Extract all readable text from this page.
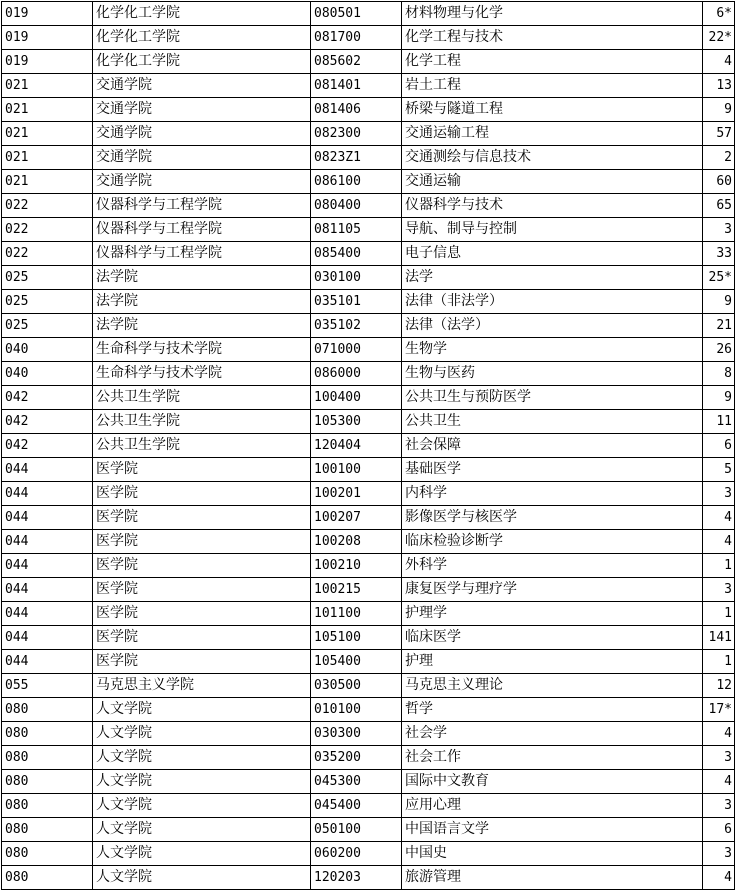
019	化学化工学院	080501	材料物理与化学	6*
019	化学化工学院	081700	化学工程与技术	22*
019	化学化工学院	085602	化学工程	4
021	交通学院	081401	岩土工程	13
021	交通学院	081406	桥梁与隧道工程	9
021	交通学院	082300	交通运输工程	57
021	交通学院	0823Z1	交通测绘与信息技术	2
021	交通学院	086100	交通运输	60
022	仪器科学与工程学院	080400	仪器科学与技术	65
022	仪器科学与工程学院	081105	导航、制导与控制	3
022	仪器科学与工程学院	085400	电子信息	33
025	法学院	030100	法学	25*
025	法学院	035101	法律（非法学）	9
025	法学院	035102	法律（法学）	21
040	生命科学与技术学院	071000	生物学	26
040	生命科学与技术学院	086000	生物与医药	8
042	公共卫生学院	100400	公共卫生与预防医学	9
042	公共卫生学院	105300	公共卫生	11
042	公共卫生学院	120404	社会保障	6
044	医学院	100100	基础医学	5
044	医学院	100201	内科学	3
044	医学院	100207	影像医学与核医学	4
044	医学院	100208	临床检验诊断学	4
044	医学院	100210	外科学	1
044	医学院	100215	康复医学与理疗学	3
044	医学院	101100	护理学	1
044	医学院	105100	临床医学	141
044	医学院	105400	护理	1
055	马克思主义学院	030500	马克思主义理论	12
080	人文学院	010100	哲学	17*
080	人文学院	030300	社会学	4
080	人文学院	035200	社会工作	3
080	人文学院	045300	国际中文教育	4
080	人文学院	045400	应用心理	3
080	人文学院	050100	中国语言文学	6
080	人文学院	060200	中国史	3
080	人文学院	120203	旅游管理	4
